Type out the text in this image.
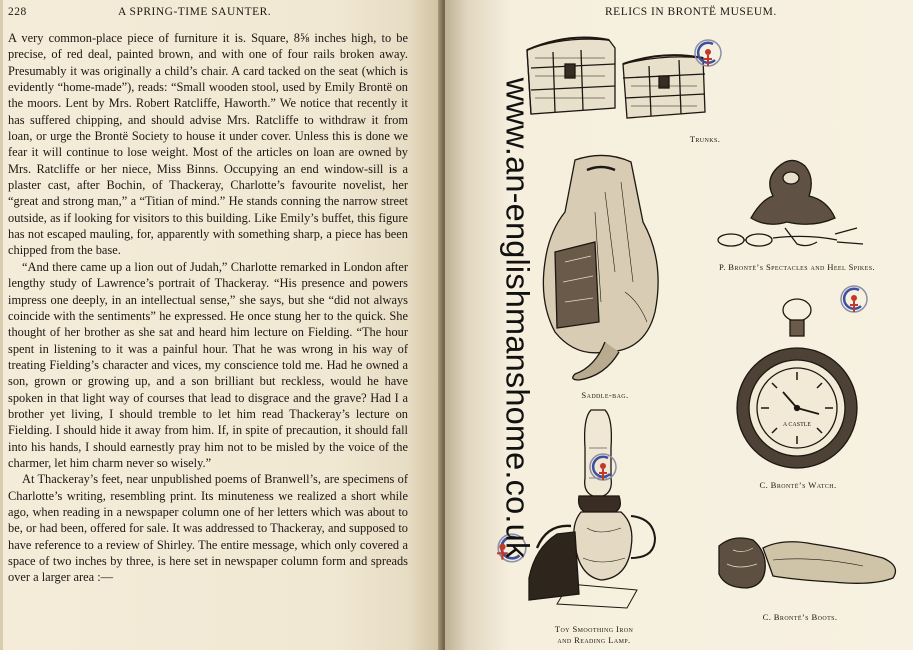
228	A SPRING-TIME SAUNTER.

A very common-place piece of furniture it is. Square, 8⅝ inches high, to be precise, of red deal, painted brown, and with one of four rails broken away. Presumably it was originally a child’s chair. A card tacked on the seat (which is evidently “home-made”), reads: “Small wooden stool, used by Emily Brontë on the moors. Lent by Mrs. Robert Ratcliffe, Haworth.” We notice that recently it has suffered chipping, and should advise Mrs. Ratcliffe to withdraw it from loan, or urge the Brontë Society to house it under cover. Unless this is done we fear it will continue to lose weight. Most of the articles on loan are owned by Mrs. Ratcliffe or her niece, Miss Binns. Occupying an end window-sill is a plaster cast, after Bochin, of Thackeray, Charlotte’s favourite novelist, her “great and strong man,” a “Titian of mind.” He stands conning the narrow street outside, as if looking for visitors to this building. Like Emily’s buffet, this figure has not escaped mauling, for, apparently with something sharp, a piece has been chipped from the base.

“And there came up a lion out of Judah,” Charlotte remarked in London after lengthy study of Lawrence’s portrait of Thackeray. “His presence and powers impress one deeply, in an intellectual sense,” she says, but she “did not always coincide with the sentiments” he expressed. He once stung her to the quick. She thought of her brother as she sat and heard him lecture on Fielding. “The hour spent in listening to it was a painful hour. That he was wrong in his way of treating Fielding’s character and vices, my conscience told me. Had he owned a son, grown or growing up, and a son brilliant but reckless, would he have spoken in that light way of courses that lead to disgrace and the grave? Had I a brother yet living, I should tremble to let him read Thackeray’s lecture on Fielding. I should hide it away from him. If, in spite of precaution, it should fall into his hands, I should earnestly pray him not to be misled by the voice of the charmer, let him charm never so wisely.”

At Thackeray’s feet, near unpublished poems of Branwell’s, are specimens of Charlotte’s writing, resembling print. Its minuteness we realized a short while ago, when reading in a newspaper column one of her letters which was about to be, or had been, offered for sale. It was addressed to Thackeray, and supposed to have reference to a review of Shirley. The entire message, which only covered a space of two inches by three, is here set in newspaper column form and spreads over a larger area :—

RELICS IN BRONTË MUSEUM.
Trunks.
Saddle-bag.
P. Brontë’s Spectacles and Heel Spikes.
A CASTLE
C. Brontë’s Watch.
Toy Smoothing Iron
and Reading Lamp.
C. Brontë’s Boots.
www.an-englishmanshome.co.uk
